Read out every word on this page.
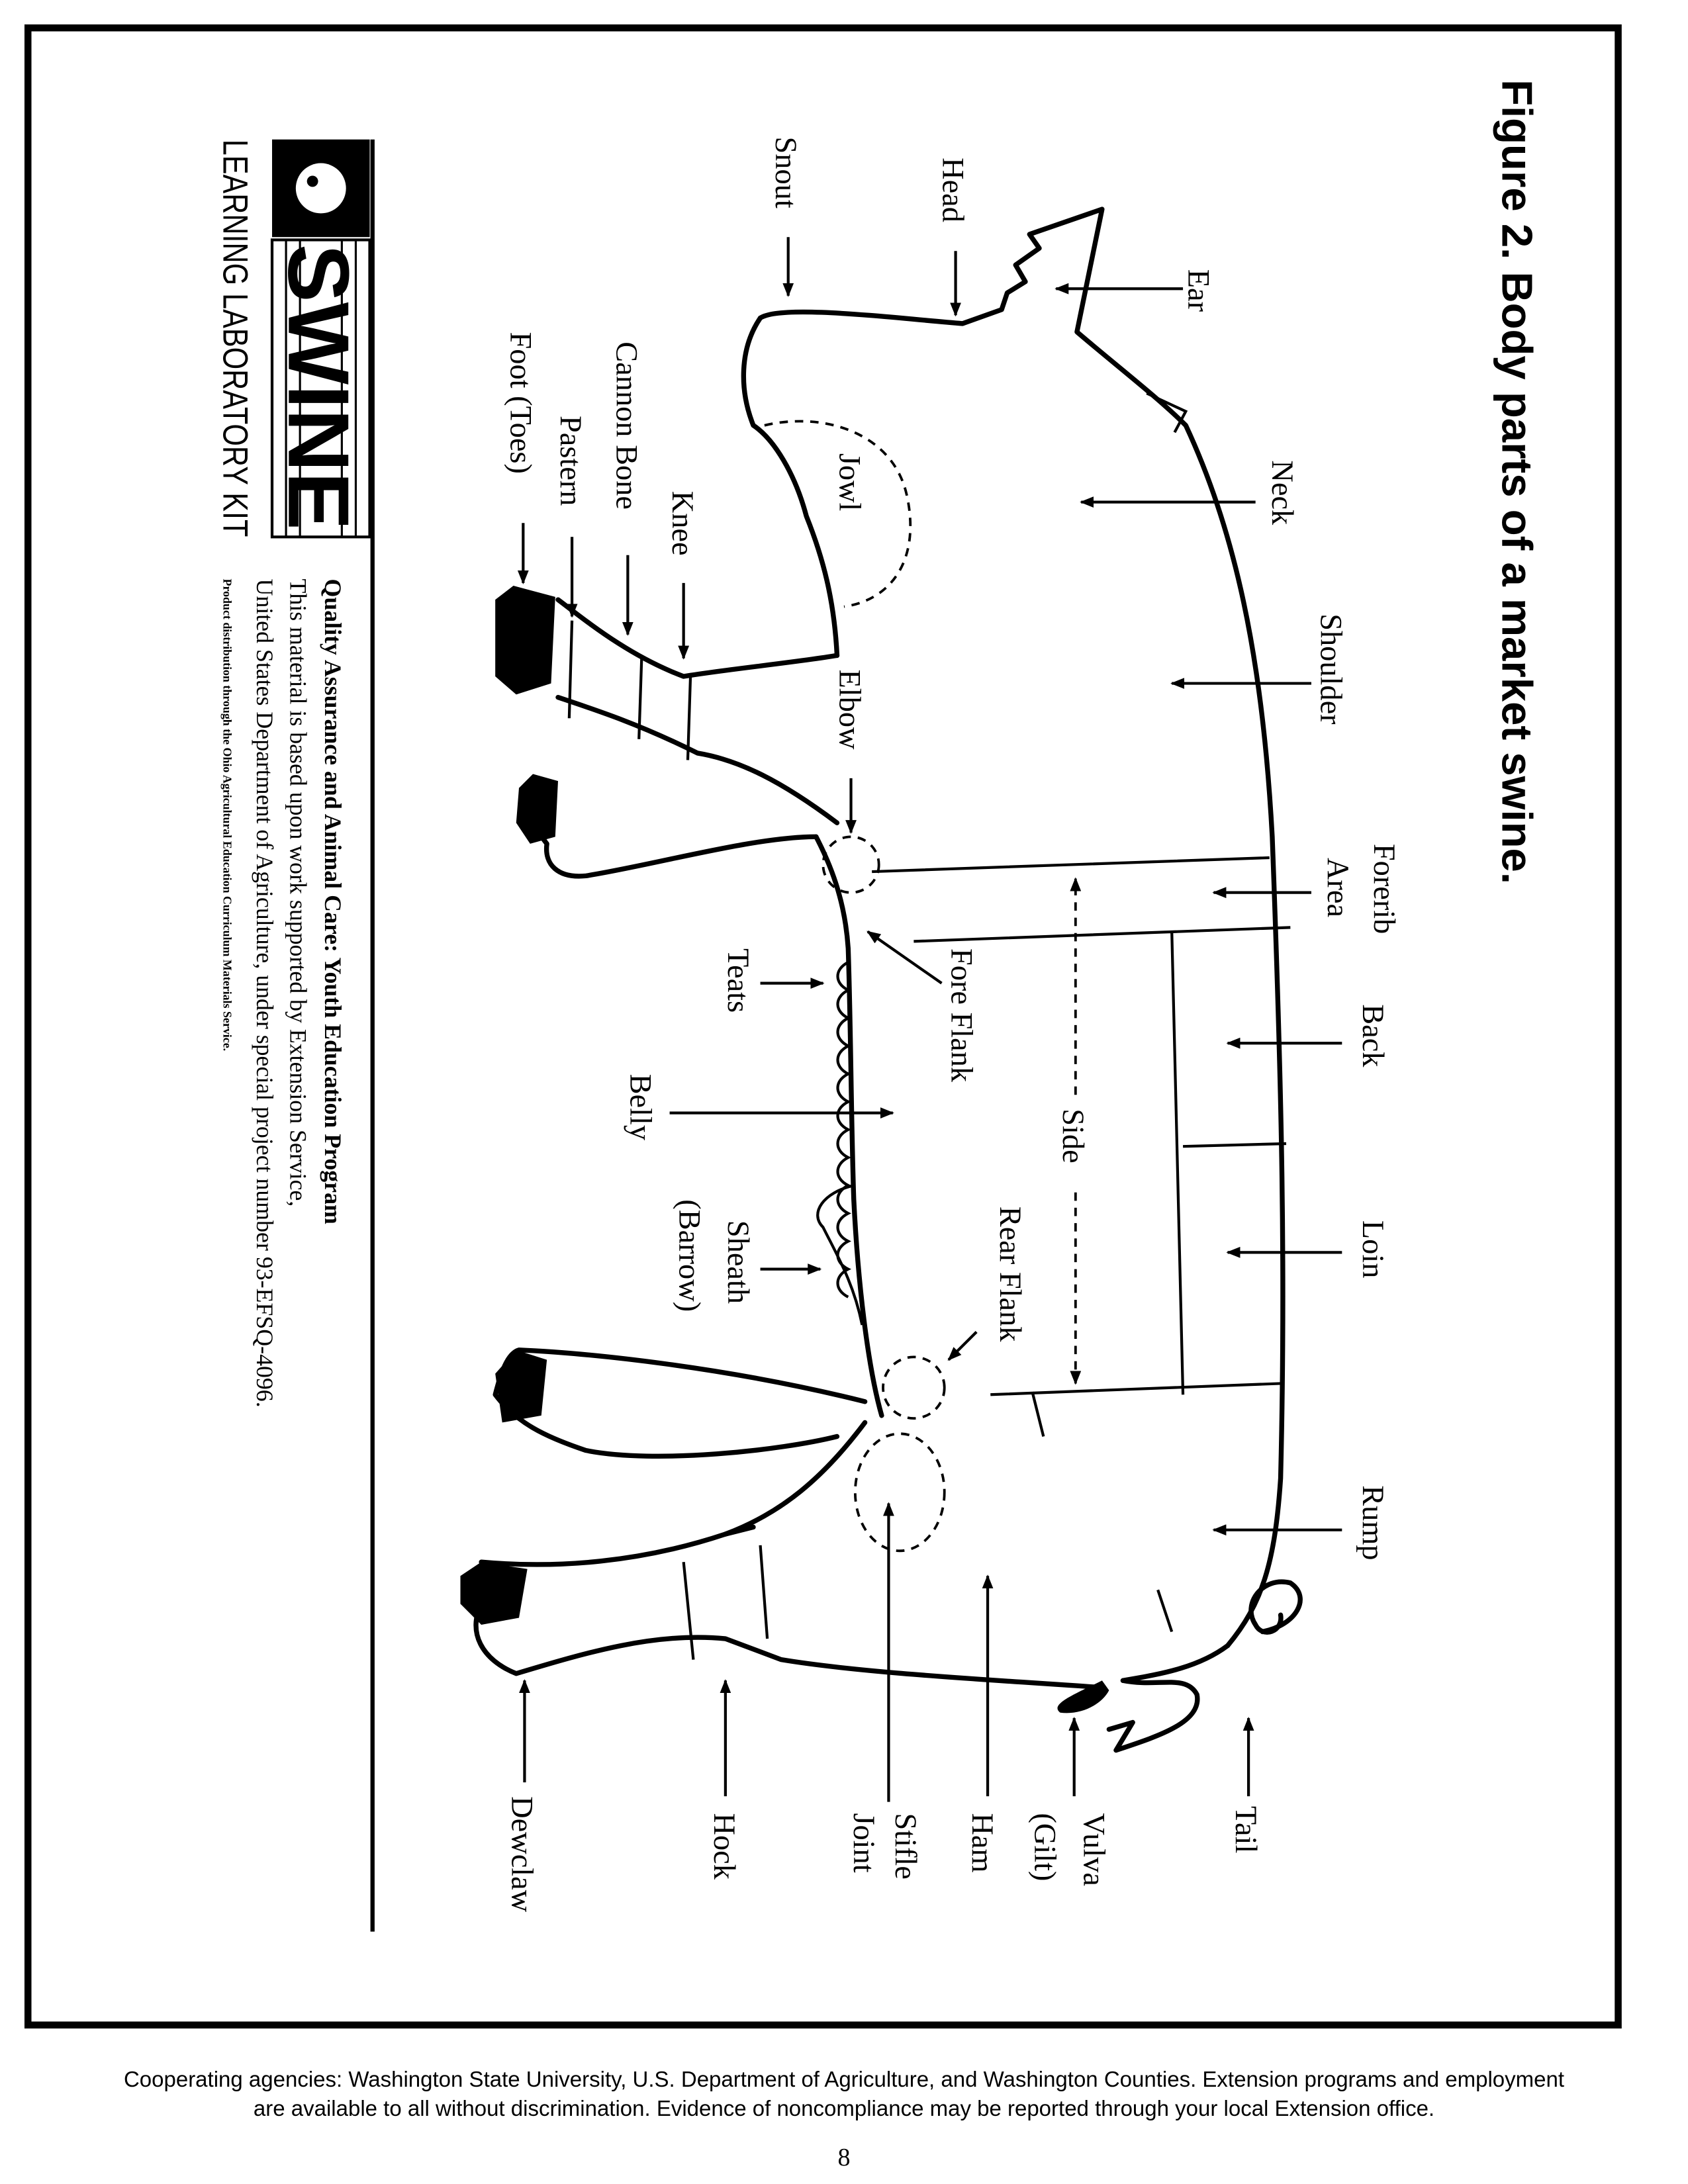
Figure 2. Body parts of a market swine.
Ear
Head
Snout
Neck
Shoulder
Forerib
Area
Back
Loin
Rump
Tail
Vulva
(Gilt)
Ham
Stifle
Joint
Hock
Dewclaw
Side
Rear Flank
Fore Flank
Elbow
Teats
Belly
Sheath
(Barrow)
Jowl
Knee
Cannon Bone
Pastern
Foot (Toes)
SWINE
LEARNING LABORATORY KIT
Quality Assurance and Animal Care: Youth Education Program
This material is based upon work supported by Extension Service,
United States Department of Agriculture, under special project number 93-EFSQ-4096.
Product distribution through the Ohio Agricultural Education Curriculum Materials Service.
Cooperating agencies: Washington State University, U.S. Department of Agriculture, and Washington Counties. Extension programs and employment
are available to all without discrimination. Evidence of noncompliance may be reported through your local Extension office.
8
